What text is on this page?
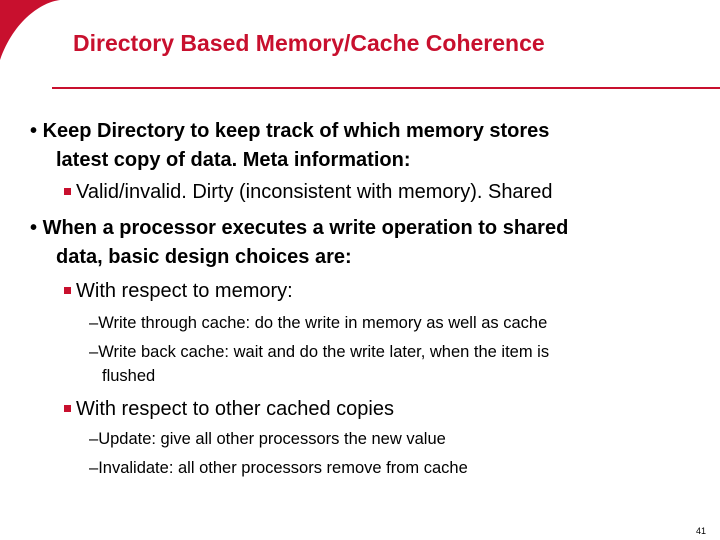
Directory Based Memory/Cache Coherence
• Keep Directory to keep track of which memory stores
latest copy of data. Meta information:
Valid/invalid. Dirty (inconsistent with memory). Shared
• When a processor executes a write operation to shared
data, basic design choices are:
With respect to memory:
–Write through cache: do the write in memory as well as cache
–Write back cache: wait and do the write later, when the item is
flushed
With respect to other cached copies
–Update: give all other processors the new value
–Invalidate: all other processors remove from cache
41
